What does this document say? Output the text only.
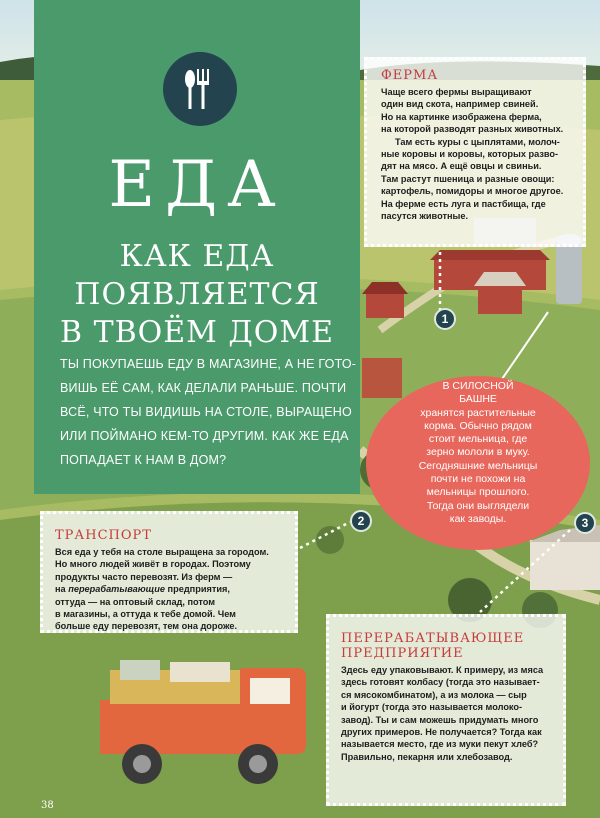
ЕДА
КАК ЕДА
ПОЯВЛЯЕТСЯ
В ТВОЁМ ДОМЕ
ТЫ ПОКУПАЕШЬ ЕДУ В МАГАЗИНЕ, А НЕ ГОТО-
ВИШЬ ЕЁ САМ, КАК ДЕЛАЛИ РАНЬШЕ. ПОЧТИ
ВСЁ, ЧТО ТЫ ВИДИШЬ НА СТОЛЕ, ВЫРАЩЕНО
ИЛИ ПОЙМАНО КЕМ-ТО ДРУГИМ. КАК ЖЕ ЕДА
ПОПАДАЕТ К НАМ В ДОМ?
ФЕРМА

Чаще всего фермы выращивают
один вид скота, например свиней.
Но на картинке изображена ферма,
на которой разводят разных животных.

Там есть куры с цыплятами, молоч-
ные коровы и коровы, которых разво-
дят на мясо. А ещё овцы и свиньи.
Там растут пшеница и разные овощи:
картофель, помидоры и многое другое.
На ферме есть луга и пастбища, где
пасутся животные.

В СИЛОСНОЙ
БАШНЕ
хранятся растительные
корма. Обычно рядом
стоит мельница, где
зерно мололи в муку.
Сегодняшние мельницы
почти не похожи на
мельницы прошлого.
Тогда они выглядели
как заводы.
ТРАНСПОРТ

Вся еда у тебя на столе выращена за городом.
Но много людей живёт в городах. Поэтому
продукты часто перевозят. Из ферм —
на перерабатывающие предприятия,
оттуда — на оптовый склад, потом
в магазины, а оттуда к тебе домой. Чем
больше еду перевозят, тем она дороже.

ПЕРЕРАБАТЫВАЮЩЕЕ
ПРЕДПРИЯТИЕ

Здесь еду упаковывают. К примеру, из мяса
здесь готовят колбасу (тогда это называет-
ся мясокомбинатом), а из молока — сыр
и йогурт (тогда это называется молоко-
завод). Ты и сам можешь придумать много
других примеров. Не получается? Тогда как
называется место, где из муки пекут хлеб?
Правильно, пекарня или хлебозавод.

1
2	3
38
